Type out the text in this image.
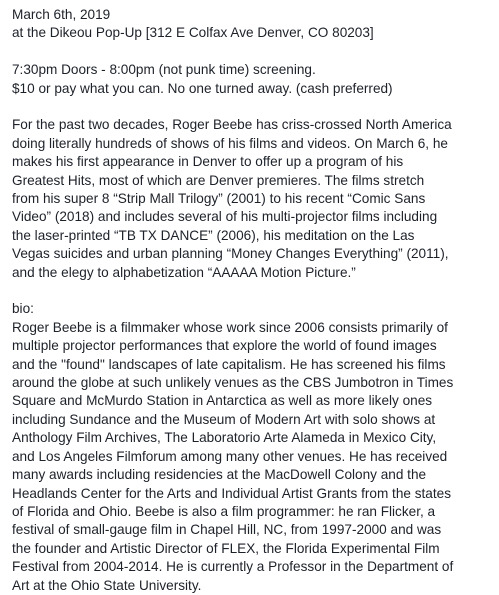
March 6th, 2019
at the Dikeou Pop-Up [312 E Colfax Ave Denver, CO 80203]
7:30pm Doors - 8:00pm (not punk time) screening.
$10 or pay what you can. No one turned away. (cash preferred)
For the past two decades, Roger Beebe has criss-crossed North America
doing literally hundreds of shows of his films and videos. On March 6, he
makes his first appearance in Denver to offer up a program of his
Greatest Hits, most of which are Denver premieres. The films stretch
from his super 8 “Strip Mall Trilogy” (2001) to his recent “Comic Sans
Video” (2018) and includes several of his multi-projector films including
the laser-printed “TB TX DANCE” (2006), his meditation on the Las
Vegas suicides and urban planning “Money Changes Everything” (2011),
and the elegy to alphabetization “AAAAA Motion Picture.”
bio:
Roger Beebe is a filmmaker whose work since 2006 consists primarily of
multiple projector performances that explore the world of found images
and the "found" landscapes of late capitalism. He has screened his films
around the globe at such unlikely venues as the CBS Jumbotron in Times
Square and McMurdo Station in Antarctica as well as more likely ones
including Sundance and the Museum of Modern Art with solo shows at
Anthology Film Archives, The Laboratorio Arte Alameda in Mexico City,
and Los Angeles Filmforum among many other venues. He has received
many awards including residencies at the MacDowell Colony and the
Headlands Center for the Arts and Individual Artist Grants from the states
of Florida and Ohio. Beebe is also a film programmer: he ran Flicker, a
festival of small-gauge film in Chapel Hill, NC, from 1997-2000 and was
the founder and Artistic Director of FLEX, the Florida Experimental Film
Festival from 2004-2014. He is currently a Professor in the Department of
Art at the Ohio State University.
